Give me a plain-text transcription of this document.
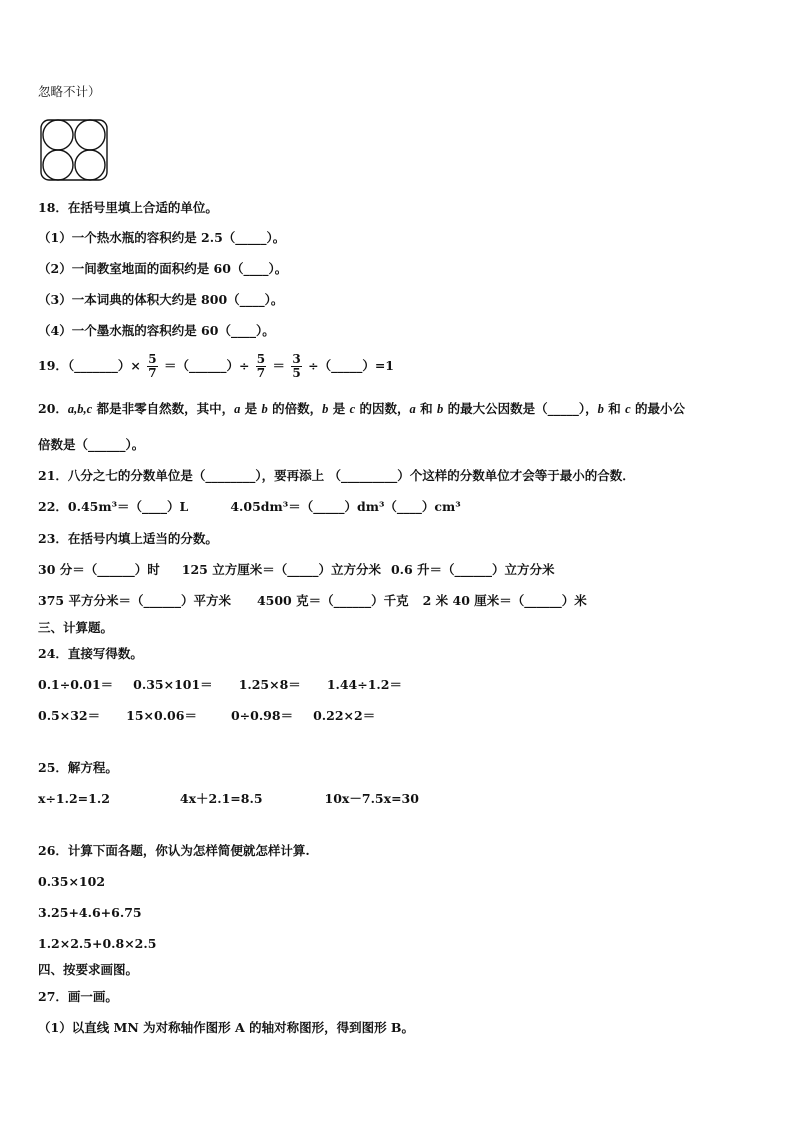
忽略不计）
18．在括号里填上合适的单位。
（1）一个热水瓶的容积约是 2.5（_____）。
（2）一间教室地面的面积约是 60（____）。
（3）一本词典的体积大约是 800（____）。
（4）一个墨水瓶的容积约是 60（____）。
19．（_______）× $\frac{5}{7}$ ＝（______）÷ $\frac{5}{7} = \frac{3}{5}$ ÷（_____）=1
20．a,b,c 都是非零自然数，其中，a 是 b 的倍数，b 是 c 的因数，a 和 b 的最大公因数是（_____），b 和 c 的最小公
倍数是（______）。
21．八分之七的分数单位是（________），要再添上 （_________）个这样的分数单位才会等于最小的合数．
22．0.45m³＝（____）L	4.05dm³＝（_____）dm³（____）cm³
23．在括号内填上适当的分数。
30 分＝（______）时 125 立方厘米＝（_____）立方分米 0.6 升＝（______）立方分米
375 平方分米＝（______）平方米 4500 克＝（______）千克 2 米 40 厘米＝（______）米
三、计算题。
24．直接写得数。
0.1÷0.01＝ 0.35×101＝ 1.25×8＝ 1.44÷1.2＝
0.5×32＝ 15×0.06＝	0÷0.98＝ 0.22×2＝
25．解方程。
x÷1.2=1.2	4x＋2.1=8.5	10x－7.5x=30
26．计算下面各题，你认为怎样简便就怎样计算.
0.35×102
3.25+4.6+6.75
1.2×2.5+0.8×2.5
四、按要求画图。
27．画一画。
（1）以直线 MN 为对称轴作图形 A 的轴对称图形，得到图形 B。
